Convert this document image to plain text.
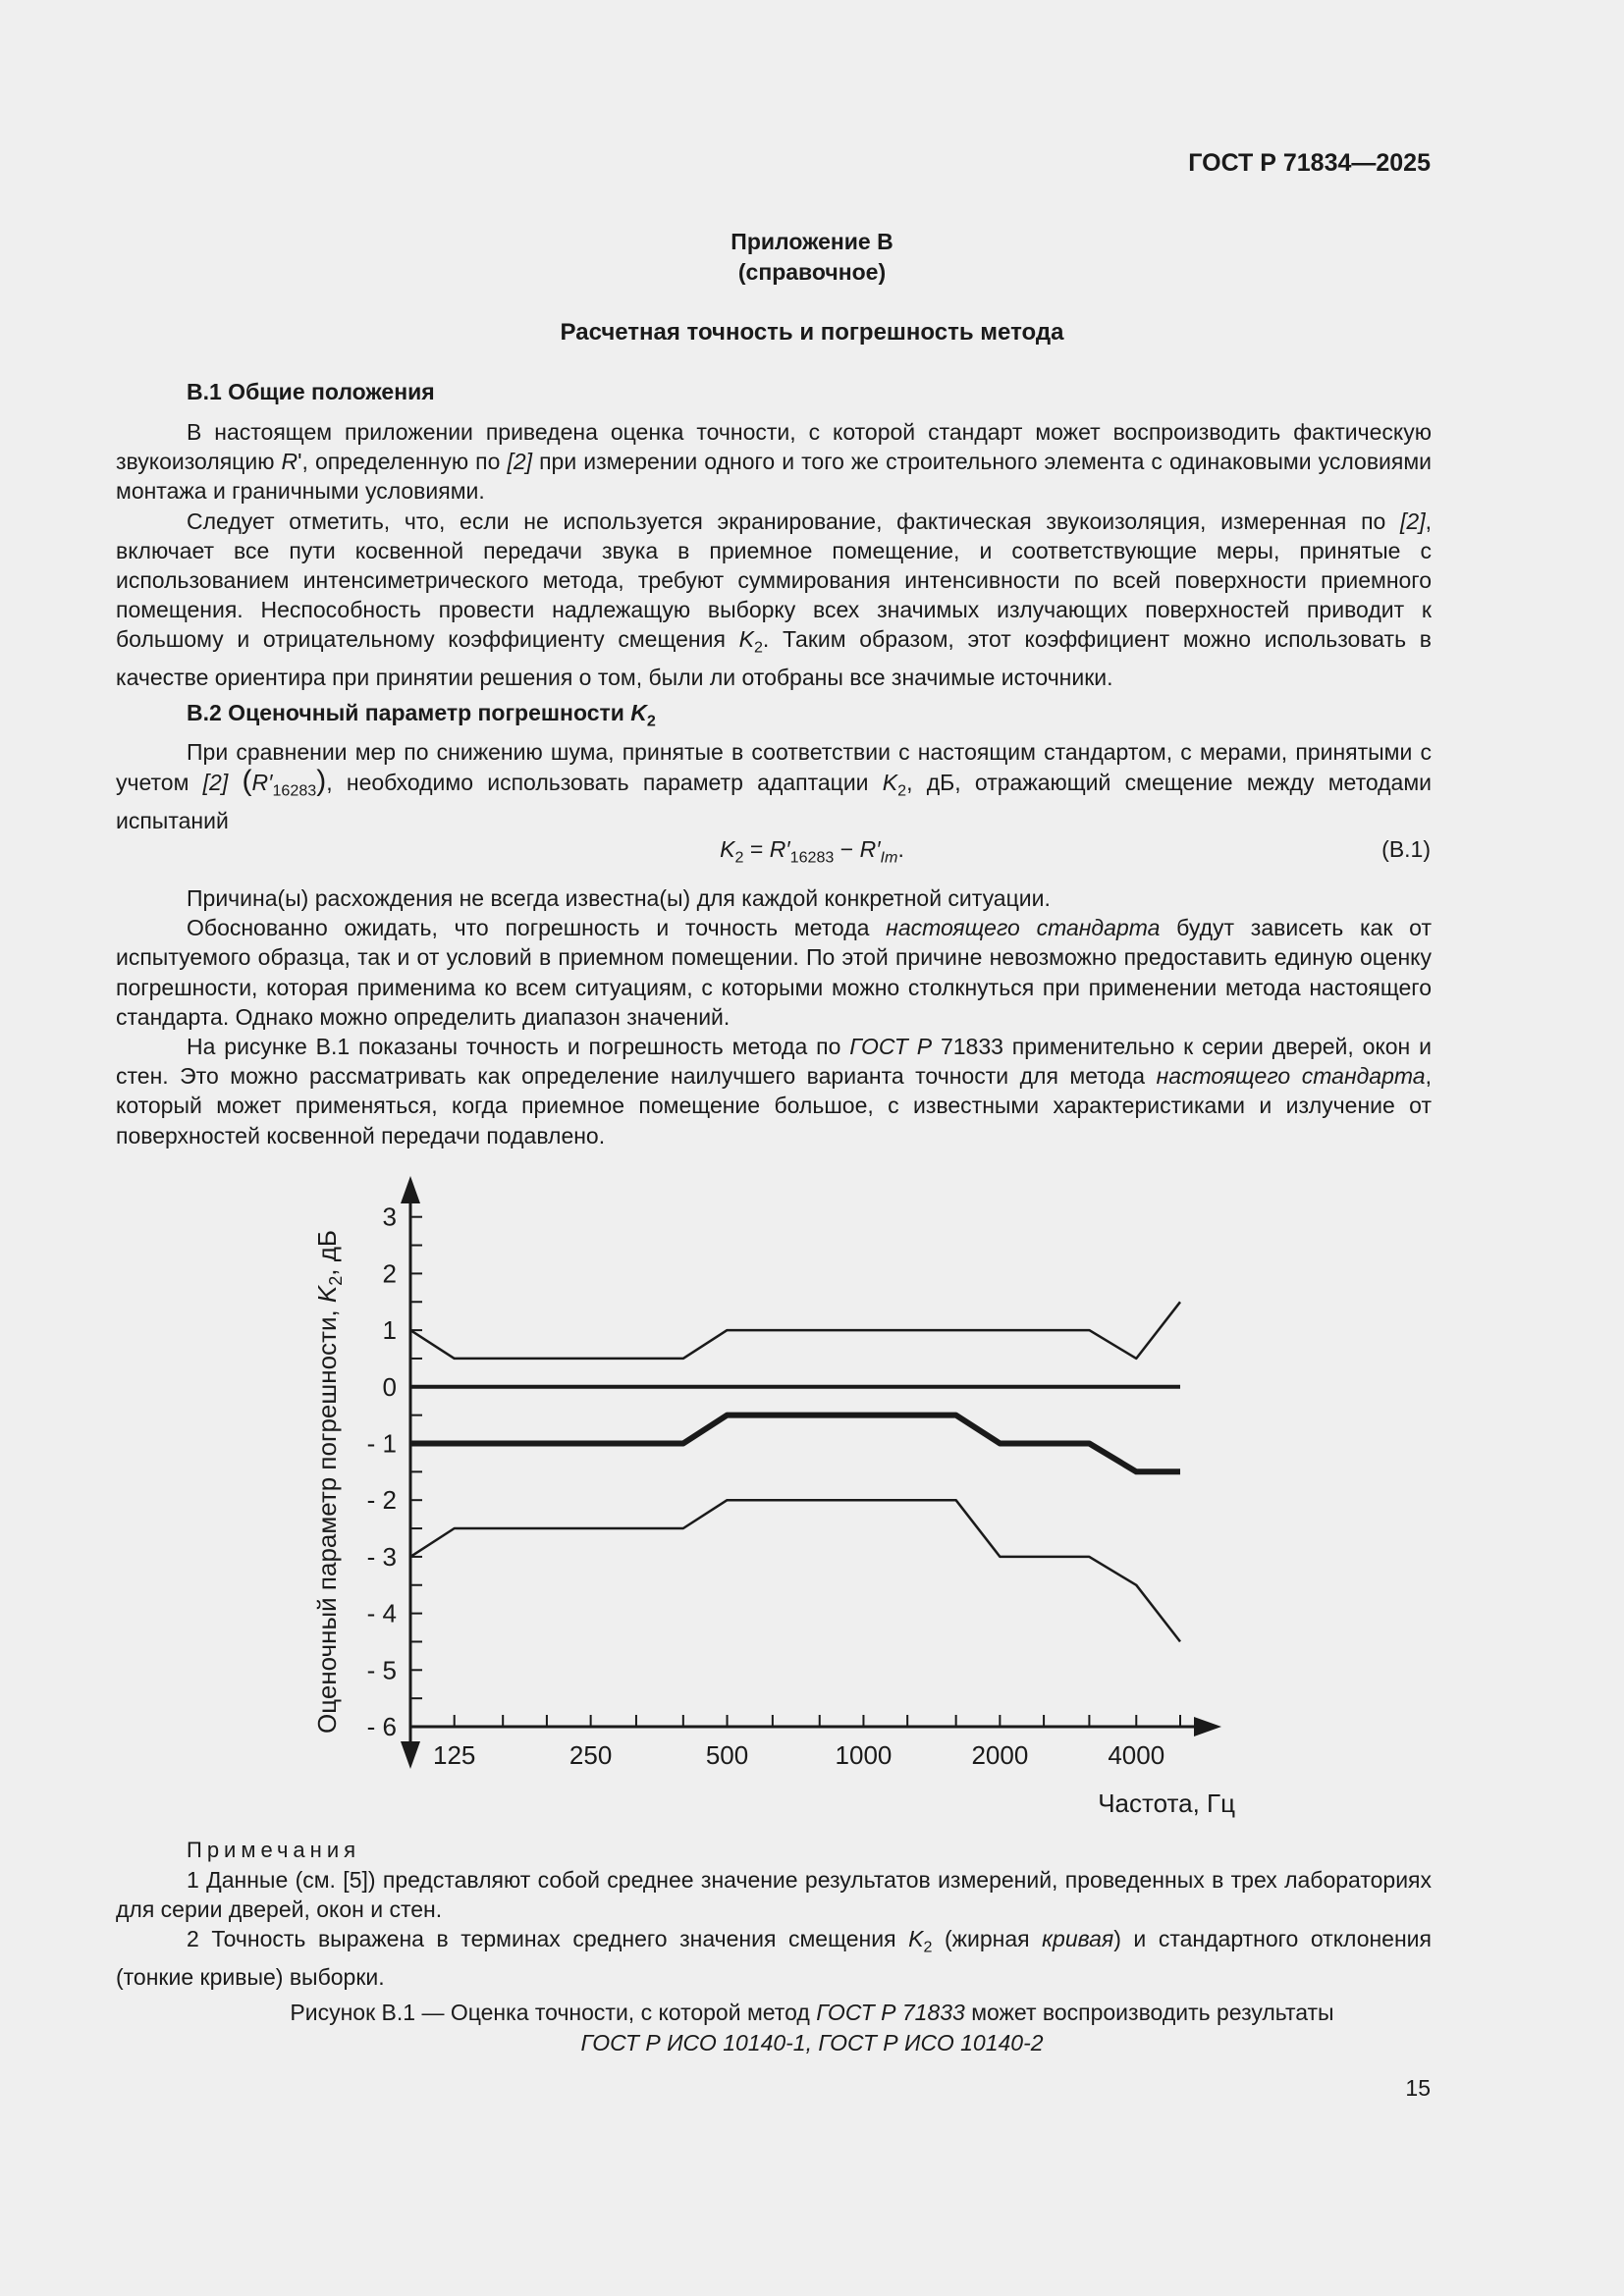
ГОСТ Р 71834—2025
Приложение В
(справочное)
Расчетная точность и погрешность метода
В.1 Общие положения

В настоящем приложении приведена оценка точности, с которой стандарт может воспроизводить фактическую звукоизоляцию R', определенную по [2] при измерении одного и того же строительного элемента с одинаковыми условиями монтажа и граничными условиями.

Следует отметить, что, если не используется экранирование, фактическая звукоизоляция, измеренная по [2], включает все пути косвенной передачи звука в приемное помещение, и соответствующие меры, принятые с использованием интенсиметрического метода, требуют суммирования интенсивности по всей поверхности приемного помещения. Неспособность провести надлежащую выборку всех значимых излучающих поверхностей приводит к большому и отрицательному коэффициенту смещения $K_2$. Таким образом, этот коэффициент можно использовать в качестве ориентира при принятии решения о том, были ли отобраны все значимые источники.

В.2 Оценочный параметр погрешности $K_2$

При сравнении мер по снижению шума, принятые в соответствии с настоящим стандартом, с мерами, принятыми с учетом [2] $(R'_{16283})$, необходимо использовать параметр адаптации $K_2$, дБ, отражающий смещение между методами испытаний

$K_2 = R'_{16283} - R'_{Im}$.	(В.1)

Причина(ы) расхождения не всегда известна(ы) для каждой конкретной ситуации.

Обоснованно ожидать, что погрешность и точность метода настоящего стандарта будут зависеть как от испытуемого образца, так и от условий в приемном помещении. По этой причине невозможно предоставить единую оценку погрешности, которая применима ко всем ситуациям, с которыми можно столкнуться при применении метода настоящего стандарта. Однако можно определить диапазон значений.

На рисунке В.1 показаны точность и погрешность метода по ГОСТ Р 71833 применительно к серии дверей, окон и стен. Это можно рассматривать как определение наилучшего варианта точности для метода настоящего стандарта, который может применяться, когда приемное помещение большое, с известными характеристиками и излучение от поверхностей косвенной передачи подавлено.

3
2
1
0
- 1
- 2
- 3
- 4
- 5
- 6
125	250	500	1000	2000	4000
Оценочный параметр погрешности, $K_2$, дБ
Частота, Гц
Примечания

1 Данные (см. [5]) представляют собой среднее значение результатов измерений, проведенных в трех лабораториях для серии дверей, окон и стен.

2 Точность выражена в терминах среднего значения смещения $K_2$ (жирная кривая) и стандартного отклонения (тонкие кривые) выборки.

Рисунок В.1 — Оценка точности, с которой метод ГОСТ Р 71833 может воспроизводить результаты
ГОСТ Р ИСО 10140-1, ГОСТ Р ИСО 10140-2
15
